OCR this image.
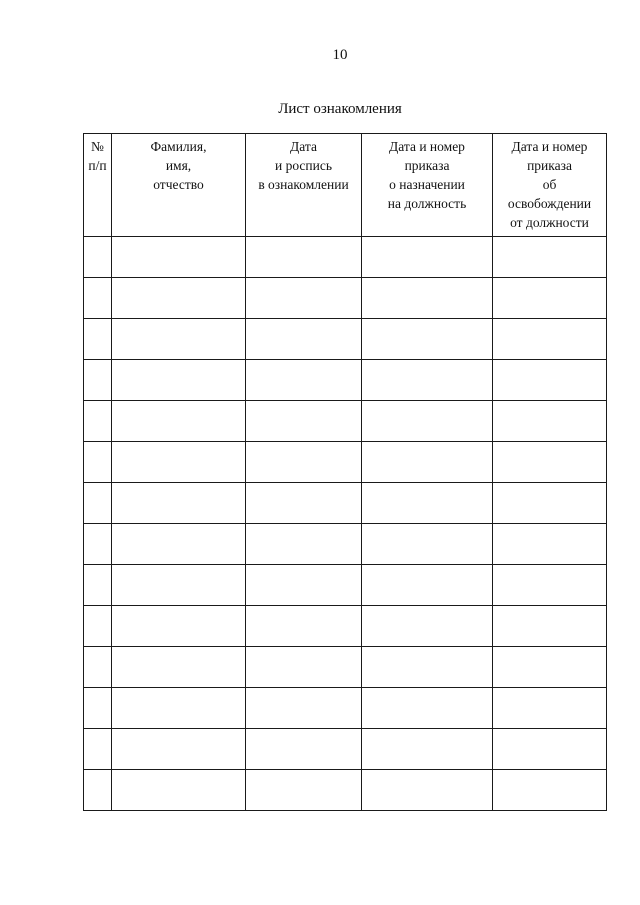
10
Лист ознакомления
№
п/п	Фамилия,
имя,
отчество	Дата
и роспись
в ознакомлении	Дата и номер
приказа
о назначении
на должность	Дата и номер
приказа
об
освобождении
от должности
